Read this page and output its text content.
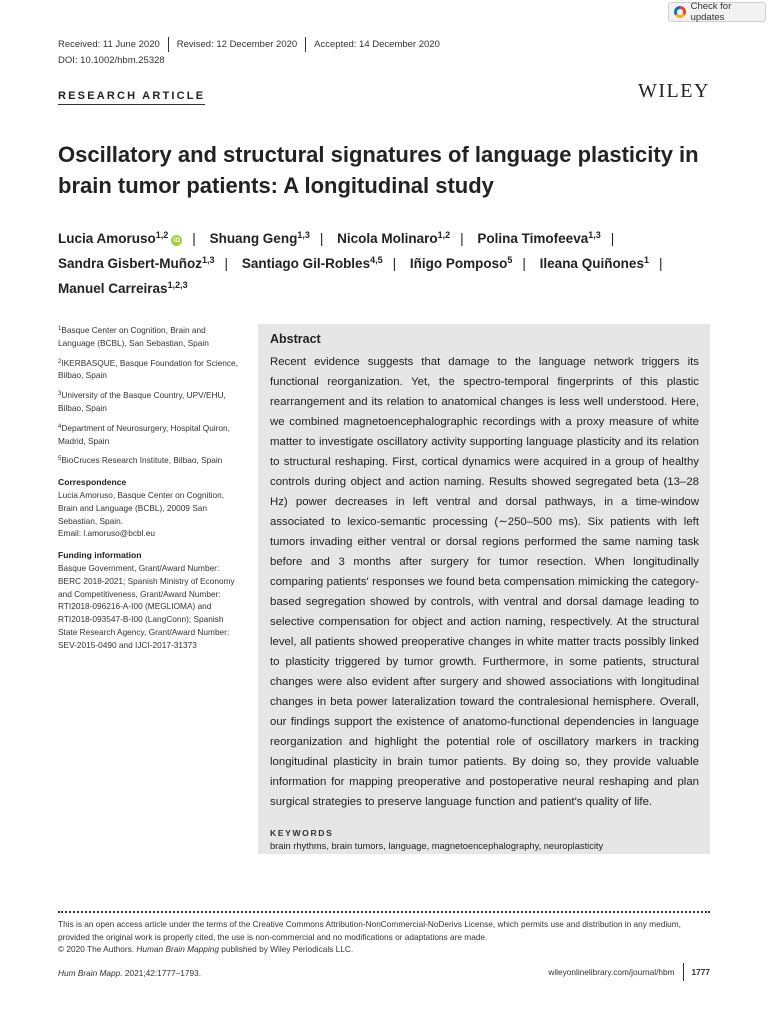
Check for updates
Received: 11 June 2020 Revised: 12 December 2020 Accepted: 14 December 2020
DOI: 10.1002/hbm.25328
RESEARCH ARTICLE	WILEY
Oscillatory and structural signatures of language plasticity in brain tumor patients: A longitudinal study
Lucia Amoruso$^{1,2}$iD | Shuang Geng$^{1,3}$ | Nicola Molinaro$^{1,2}$ | Polina Timofeeva$^{1,3}$ | Sandra Gisbert-Muñoz$^{1,3}$ | Santiago Gil-Robles$^{4,5}$ | Iñigo Pomposo$^5$ | Ileana Quiñones$^1$ | Manuel Carreiras$^{1,2,3}$
$^1$Basque Center on Cognition, Brain and Language (BCBL), San Sebastian, Spain
$^2$IKERBASQUE, Basque Foundation for Science, Bilbao, Spain
$^3$University of the Basque Country, UPV/EHU, Bilbao, Spain
$^4$Department of Neurosurgery, Hospital Quiron, Madrid, Spain
$^5$BioCruces Research Institute, Bilbao, Spain
Correspondence

Lucia Amoruso, Basque Center on Cognition, Brain and Language (BCBL), 20009 San Sebastian, Spain.

Email: l.amoruso@bcbl.eu

Funding information

Basque Government, Grant/Award Number: BERC 2018-2021; Spanish Ministry of Economy and Competitiveness, Grant/Award Number: RTI2018-096216-A-I00 (MEGLIOMA) and RTI2018-093547-B-I00 (LangConn); Spanish State Research Agency, Grant/Award Number: SEV-2015-0490 and IJCI-2017-31373

Abstract
Recent evidence suggests that damage to the language network triggers its functional reorganization. Yet, the spectro-temporal fingerprints of this plastic rearrangement and its relation to anatomical changes is less well understood. Here, we combined magnetoencephalographic recordings with a proxy measure of white matter to investigate oscillatory activity supporting language plasticity and its relation to structural reshaping. First, cortical dynamics were acquired in a group of healthy controls during object and action naming. Results showed segregated beta (13–28 Hz) power decreases in left ventral and dorsal pathways, in a time-window associated to lexico-semantic processing (∼250–500 ms). Six patients with left tumors invading either ventral or dorsal regions performed the same naming task before and 3 months after surgery for tumor resection. When longitudinally comparing patients' responses we found beta compensation mimicking the category-based segregation showed by controls, with ventral and dorsal damage leading to selective compensation for object and action naming, respectively. At the structural level, all patients showed preoperative changes in white matter tracts possibly linked to plasticity triggered by tumor growth. Furthermore, in some patients, structural changes were also evident after surgery and showed associations with longitudinal changes in beta power lateralization toward the contralesional hemisphere. Overall, our findings support the existence of anatomo-functional dependencies in language reorganization and highlight the potential role of oscillatory markers in tracking longitudinal plasticity in brain tumor patients. By doing so, they provide valuable information for mapping preoperative and postoperative neural reshaping and plan surgical strategies to preserve language function and patient's quality of life.
KEYWORDS
brain rhythms, brain tumors, language, magnetoencephalography, neuroplasticity
This is an open access article under the terms of the Creative Commons Attribution-NonCommercial-NoDerivs License, which permits use and distribution in any medium, provided the original work is properly cited, the use is non-commercial and no modifications or adaptations are made.
© 2020 The Authors. Human Brain Mapping published by Wiley Periodicals LLC.
Hum Brain Mapp. 2021;42:1777–1793.	wileyonlinelibrary.com/journal/hbm 1777
